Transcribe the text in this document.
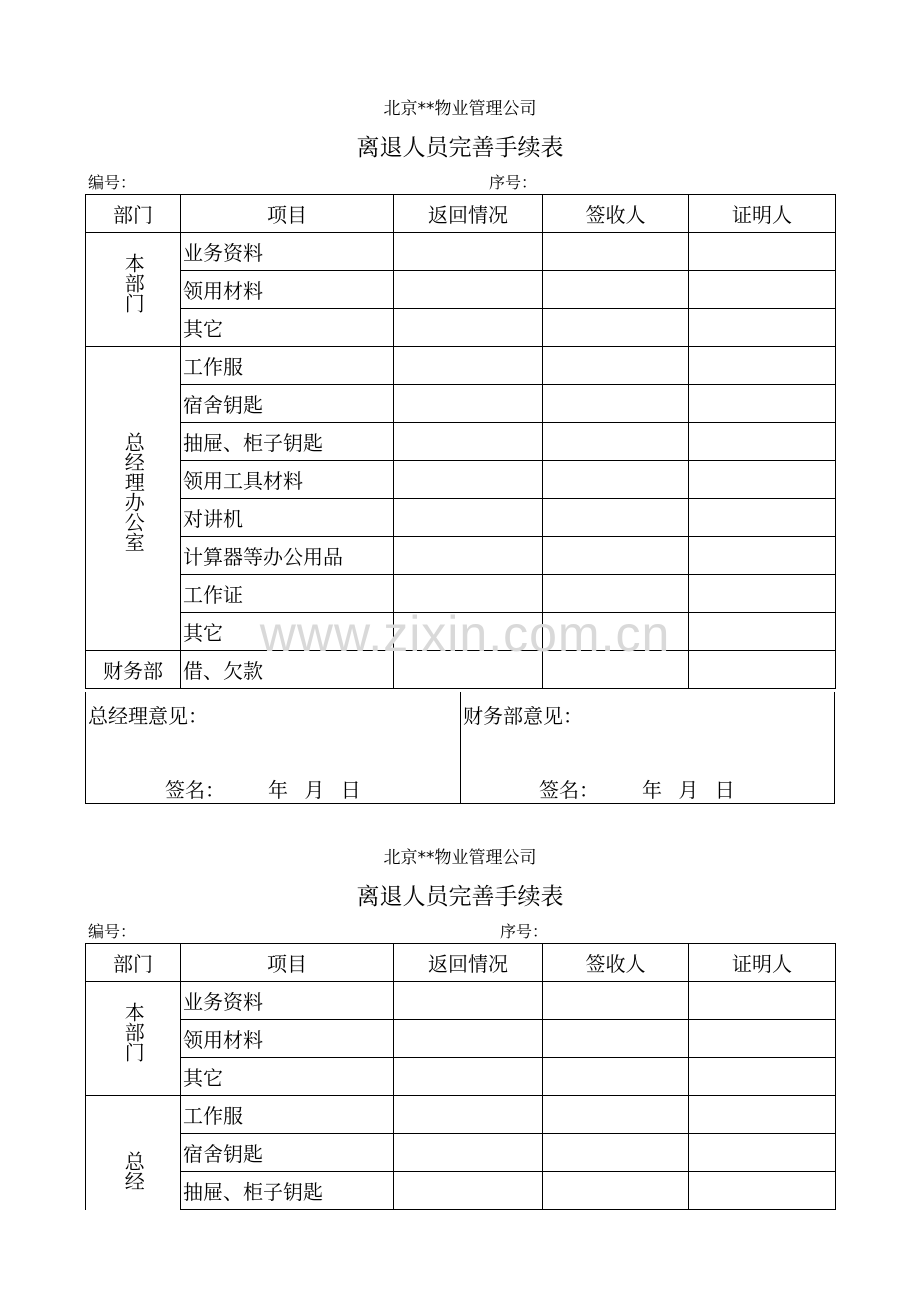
北京**物业管理公司
离退人员完善手续表
编号：	序号：
部门	项目	返回情况	签收人	证明人
本部门	业务资料			
	领用材料			
	其它			
总经理办公室	工作服			
	宿舍钥匙			
	抽屉、柜子钥匙			
	领用工具材料			
	对讲机			
	计算器等办公用品			
	工作证			
	其它			
财务部	借、欠款			
总经理意见：
签名： 年 月 日
财务部意见：
签名： 年 月 日
www.zixin.com.cn
北京**物业管理公司
离退人员完善手续表
编号：	序号：
部门	项目	返回情况	签收人	证明人
本部门	业务资料			
	领用材料			
	其它			
总经	工作服			
	宿舍钥匙			
	抽屉、柜子钥匙			
